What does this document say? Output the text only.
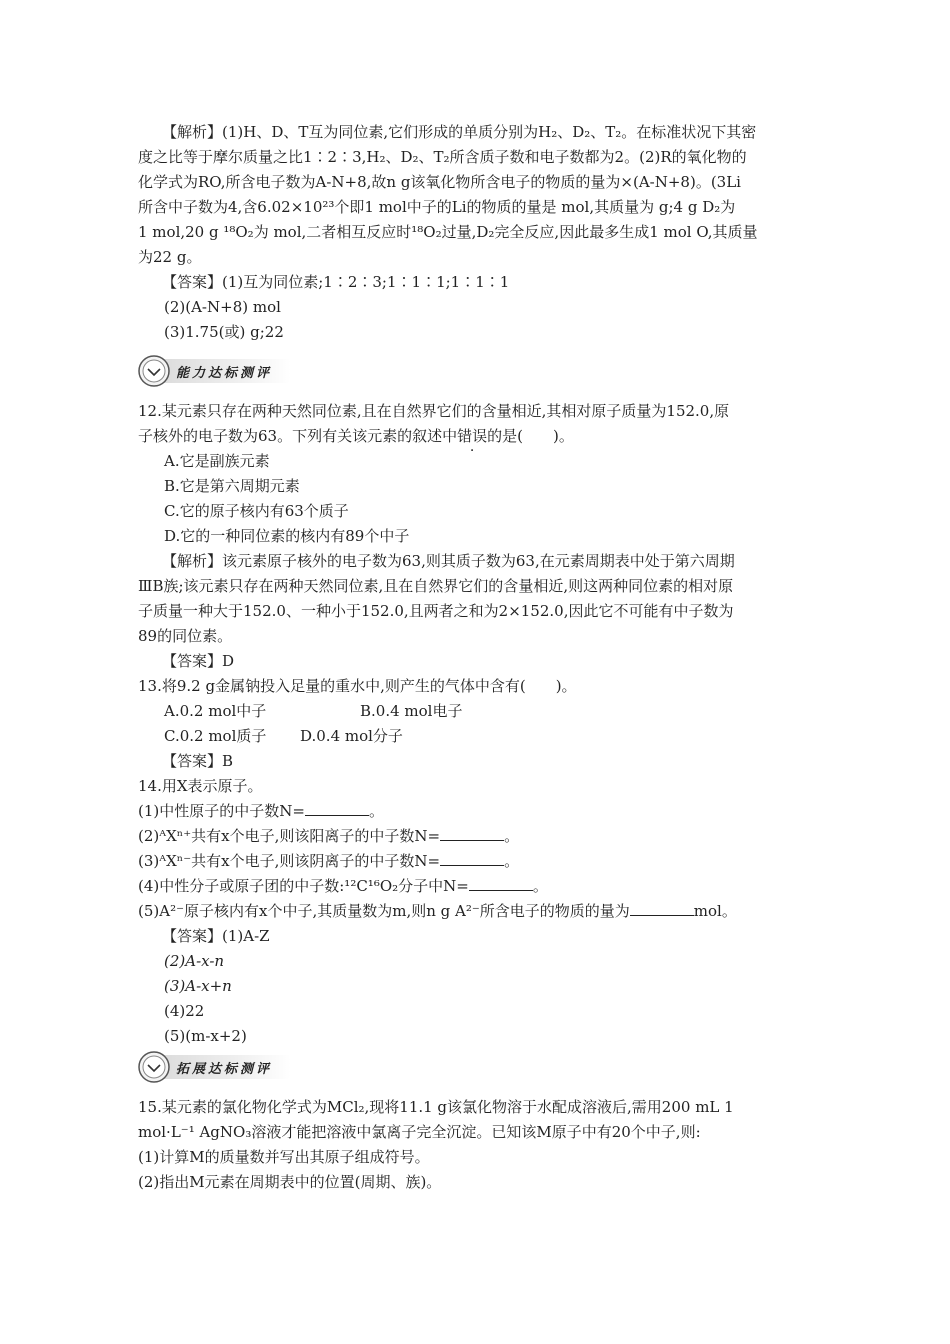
【解析】(1)H、D、T互为同位素,它们形成的单质分别为H₂、D₂、T₂。在标准状况下其密

度之比等于摩尔质量之比1∶2∶3,H₂、D₂、T₂所含质子数和电子数都为2。(2)R的氧化物的

化学式为RO,所含电子数为A-N+8,故n g该氧化物所含电子的物质的量为×(A-N+8)。(3Li

所含中子数为4,含6.02×10²³个即1 mol中子的Li的物质的量是 mol,其质量为 g;4 g D₂为

1 mol,20 g ¹⁸O₂为 mol,二者相互反应时¹⁸O₂过量,D₂完全反应,因此最多生成1 mol O,其质量

为22 g。

【答案】(1)互为同位素;1∶2∶3;1∶1∶1;1∶1∶1

(2)(A-N+8) mol

(3)1.75(或) g;22

能力达标测评

12.某元素只存在两种天然同位素,且在自然界它们的含量相近,其相对原子质量为152.0,原

子核外的电子数为63。下列有关该元素的叙述中错误的是(　　)。

A.它是副族元素

B.它是第六周期元素

C.它的原子核内有63个质子

D.它的一种同位素的核内有89个中子

【解析】该元素原子核外的电子数为63,则其质子数为63,在元素周期表中处于第六周期

ⅢB族;该元素只存在两种天然同位素,且在自然界它们的含量相近,则这两种同位素的相对原

子质量一种大于152.0、一种小于152.0,且两者之和为2×152.0,因此它不可能有中子数为

89的同位素。

【答案】D

13.将9.2 g金属钠投入足量的重水中,则产生的气体中含有(　　)。

A.0.2 mol中子	B.0.4 mol电子

C.0.2 mol质子 D.0.4 mol分子

【答案】B

14.用X表示原子。

(1)中性原子的中子数N=	。

(2)ᴬXⁿ⁺共有x个电子,则该阳离子的中子数N=	。

(3)ᴬXⁿ⁻共有x个电子,则该阴离子的中子数N=	。

(4)中性分子或原子团的中子数:¹²C¹⁶O₂分子中N=	。

(5)A²⁻原子核内有x个中子,其质量数为m,则n g A²⁻所含电子的物质的量为	mol。

【答案】(1)A-Z

(2)A-x-n

(3)A-x+n

(4)22

(5)(m-x+2)

拓展达标测评

15.某元素的氯化物化学式为MCl₂,现将11.1 g该氯化物溶于水配成溶液后,需用200 mL 1

mol·L⁻¹ AgNO₃溶液才能把溶液中氯离子完全沉淀。已知该M原子中有20个中子,则:

(1)计算M的质量数并写出其原子组成符号。

(2)指出M元素在周期表中的位置(周期、族)。
